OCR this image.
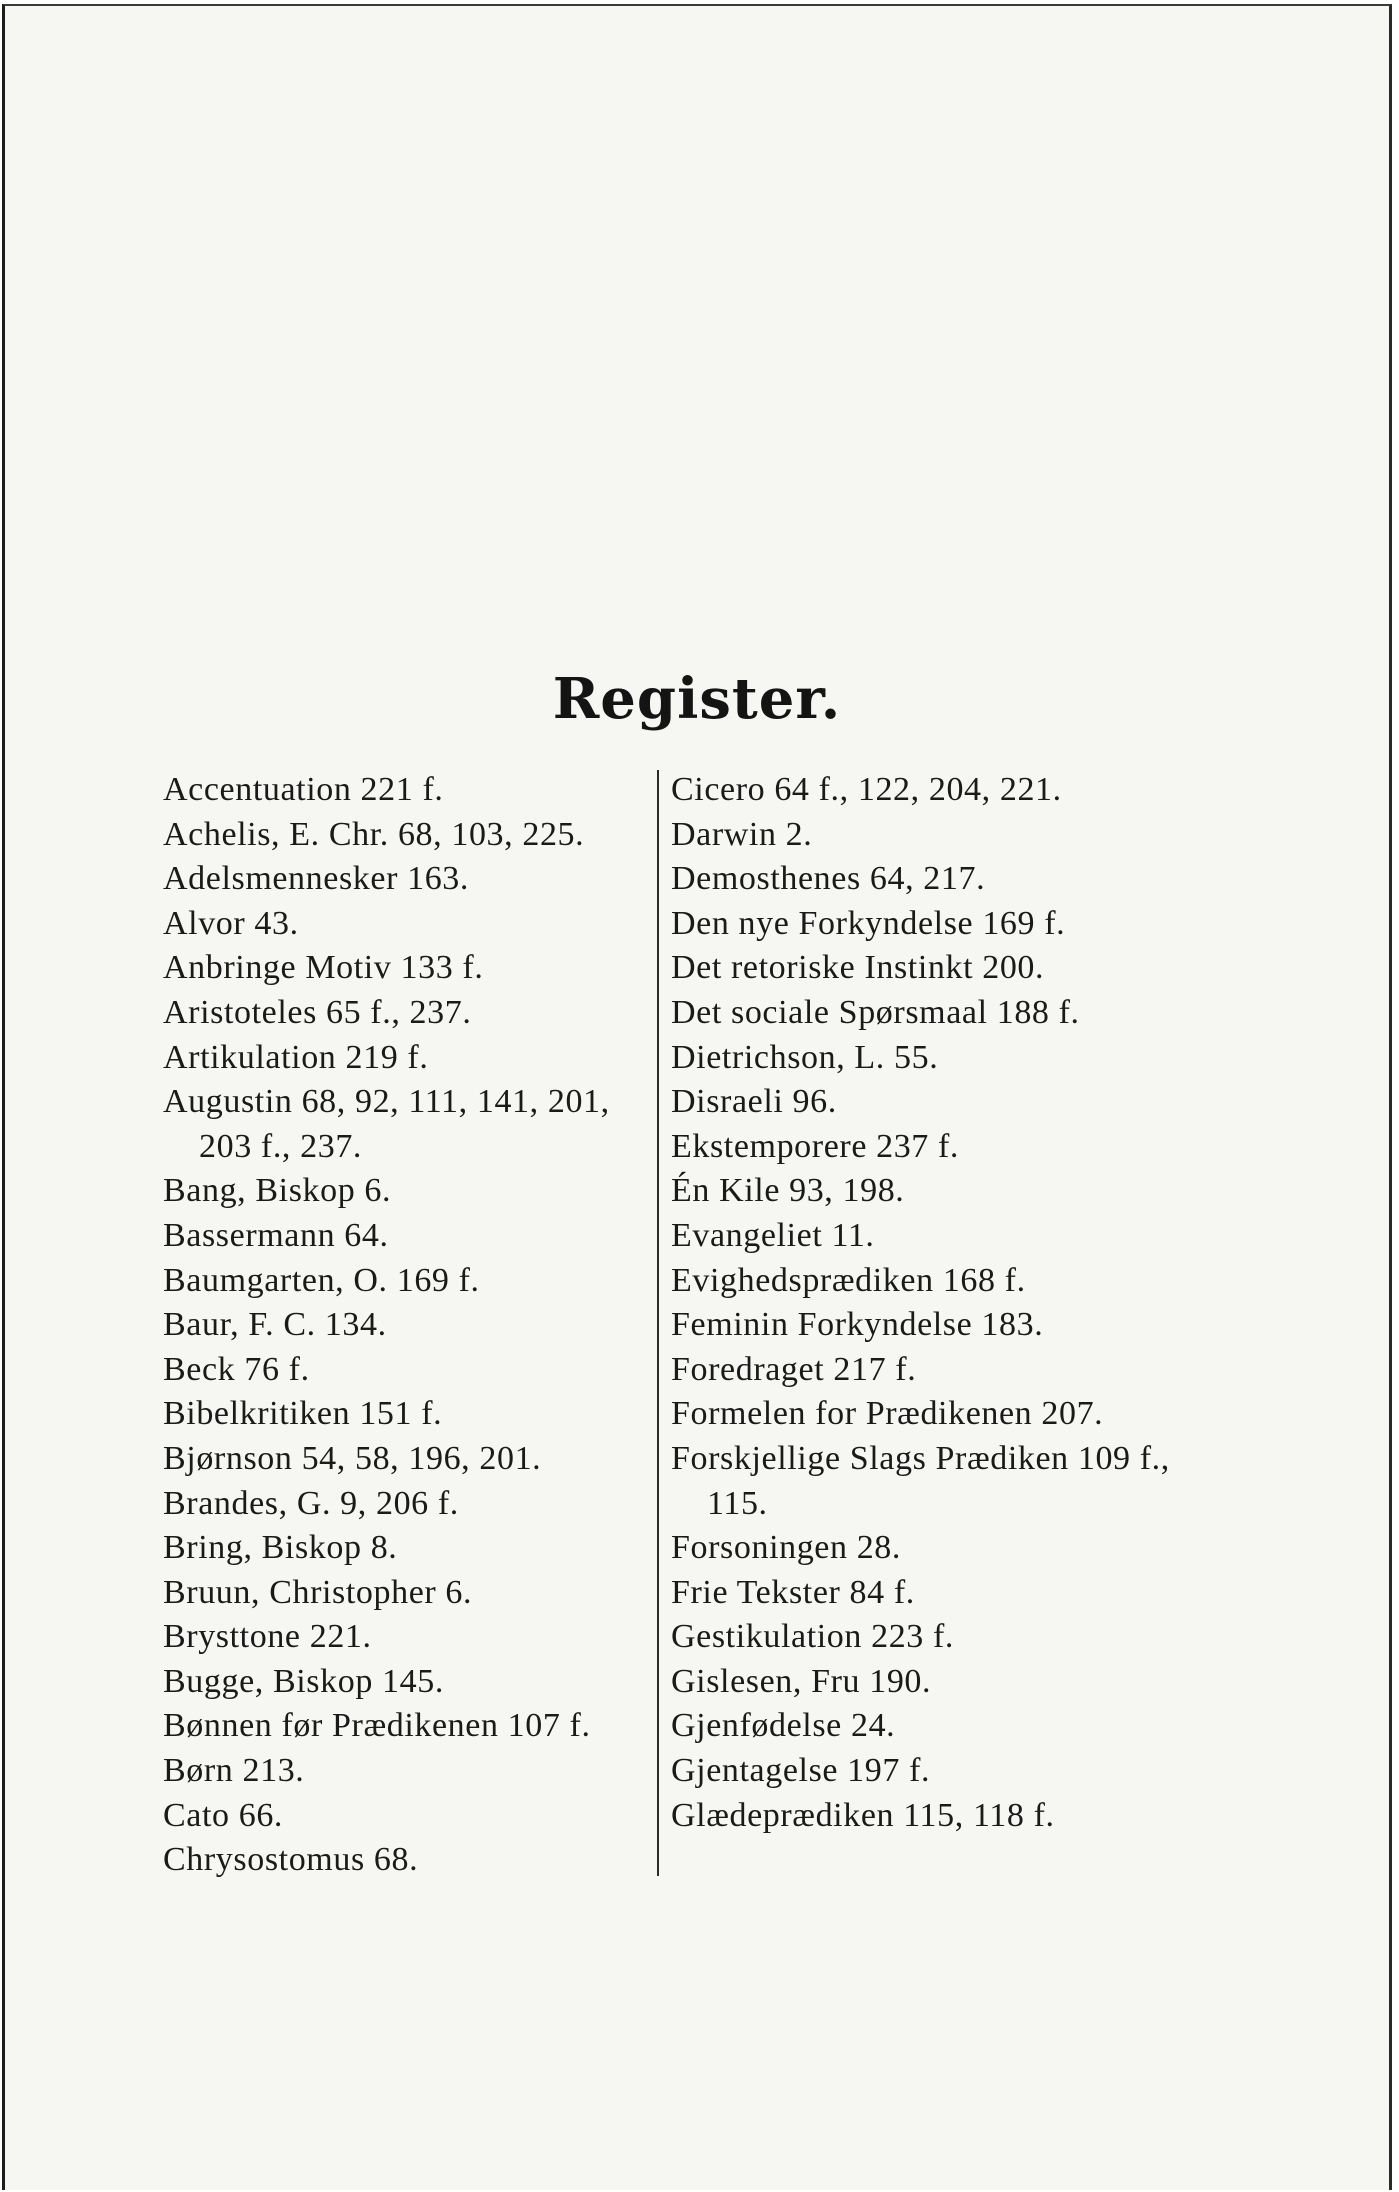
Register.
Accentuation 221 f.
Achelis, E. Chr. 68, 103, 225.
Adelsmennesker 163.
Alvor 43.
Anbringe Motiv 133 f.
Aristoteles 65 f., 237.
Artikulation 219 f.
Augustin 68, 92, 111, 141, 201, 203 f., 237.
Bang, Biskop 6.
Bassermann 64.
Baumgarten, O. 169 f.
Baur, F. C. 134.
Beck 76 f.
Bibelkritiken 151 f.
Bjørnson 54, 58, 196, 201.
Brandes, G. 9, 206 f.
Bring, Biskop 8.
Bruun, Christopher 6.
Brysttone 221.
Bugge, Biskop 145.
Bønnen før Prædikenen 107 f.
Børn 213.
Cato 66.
Chrysostomus 68.
Cicero 64 f., 122, 204, 221.
Darwin 2.
Demosthenes 64, 217.
Den nye Forkyndelse 169 f.
Det retoriske Instinkt 200.
Det sociale Spørsmaal 188 f.
Dietrichson, L. 55.
Disraeli 96.
Ekstemporere 237 f.
Én Kile 93, 198.
Evangeliet 11.
Evighedsprædiken 168 f.
Feminin Forkyndelse 183.
Foredraget 217 f.
Formelen for Prædikenen 207.
Forskjellige Slags Prædiken 109 f., 115.
Forsoningen 28.
Frie Tekster 84 f.
Gestikulation 223 f.
Gislesen, Fru 190.
Gjenfødelse 24.
Gjentagelse 197 f.
Glædeprædiken 115, 118 f.
